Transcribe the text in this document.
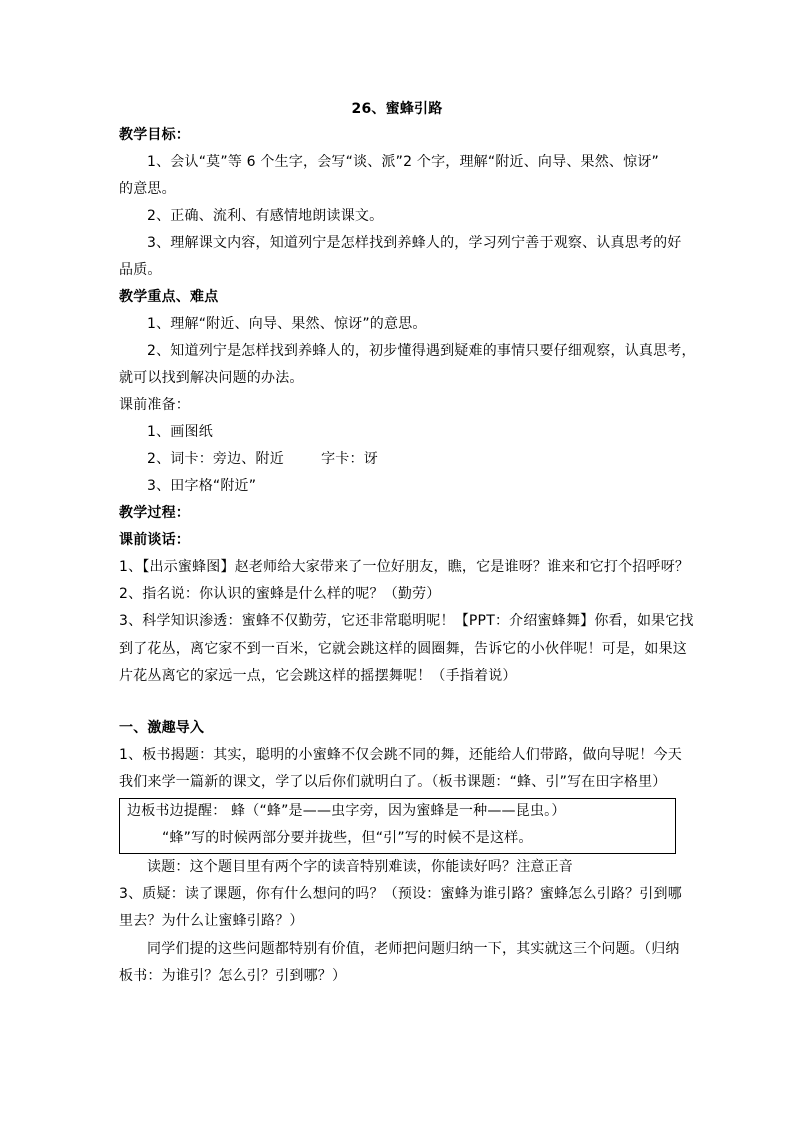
26、蜜蜂引路
教学目标：
1、会认“莫”等 6 个生字，会写“谈、派”2 个字，理解“附近、向导、果然、惊讶”
的意思。
2、正确、流利、有感情地朗读课文。
3、理解课文内容，知道列宁是怎样找到养蜂人的，学习列宁善于观察、认真思考的好
品质。
教学重点、难点
1、理解“附近、向导、果然、惊讶”的意思。
2、知道列宁是怎样找到养蜂人的，初步懂得遇到疑难的事情只要仔细观察，认真思考，
就可以找到解决问题的办法。
课前准备：
1、画图纸
2、词卡：旁边、附近        字卡：讶
3、田字格“附近”
教学过程：
课前谈话：
1、【出示蜜蜂图】赵老师给大家带来了一位好朋友，瞧，它是谁呀？谁来和它打个招呼呀？
2、指名说：你认识的蜜蜂是什么样的呢？（勤劳）
3、科学知识渗透：蜜蜂不仅勤劳，它还非常聪明呢！【PPT：介绍蜜蜂舞】你看，如果它找
到了花丛，离它家不到一百米，它就会跳这样的圆圈舞，告诉它的小伙伴呢！可是，如果这
片花丛离它的家远一点，它会跳这样的摇摆舞呢！（手指着说）
一、激趣导入
1、板书揭题：其实，聪明的小蜜蜂不仅会跳不同的舞，还能给人们带路，做向导呢！今天
我们来学一篇新的课文，学了以后你们就明白了。（板书课题：“蜂、引”写在田字格里）
边板书边提醒： 蜂（“蜂”是——虫字旁，因为蜜蜂是一种——昆虫。）
“蜂”写的时候两部分要并拢些，但“引”写的时候不是这样。
读题：这个题目里有两个字的读音特别难读，你能读好吗？注意正音
3、质疑：读了课题，你有什么想问的吗？（预设：蜜蜂为谁引路？蜜蜂怎么引路？引到哪
里去？为什么让蜜蜂引路？）
同学们提的这些问题都特别有价值，老师把问题归纳一下，其实就这三个问题。（归纳
板书：为谁引？怎么引？引到哪？）
